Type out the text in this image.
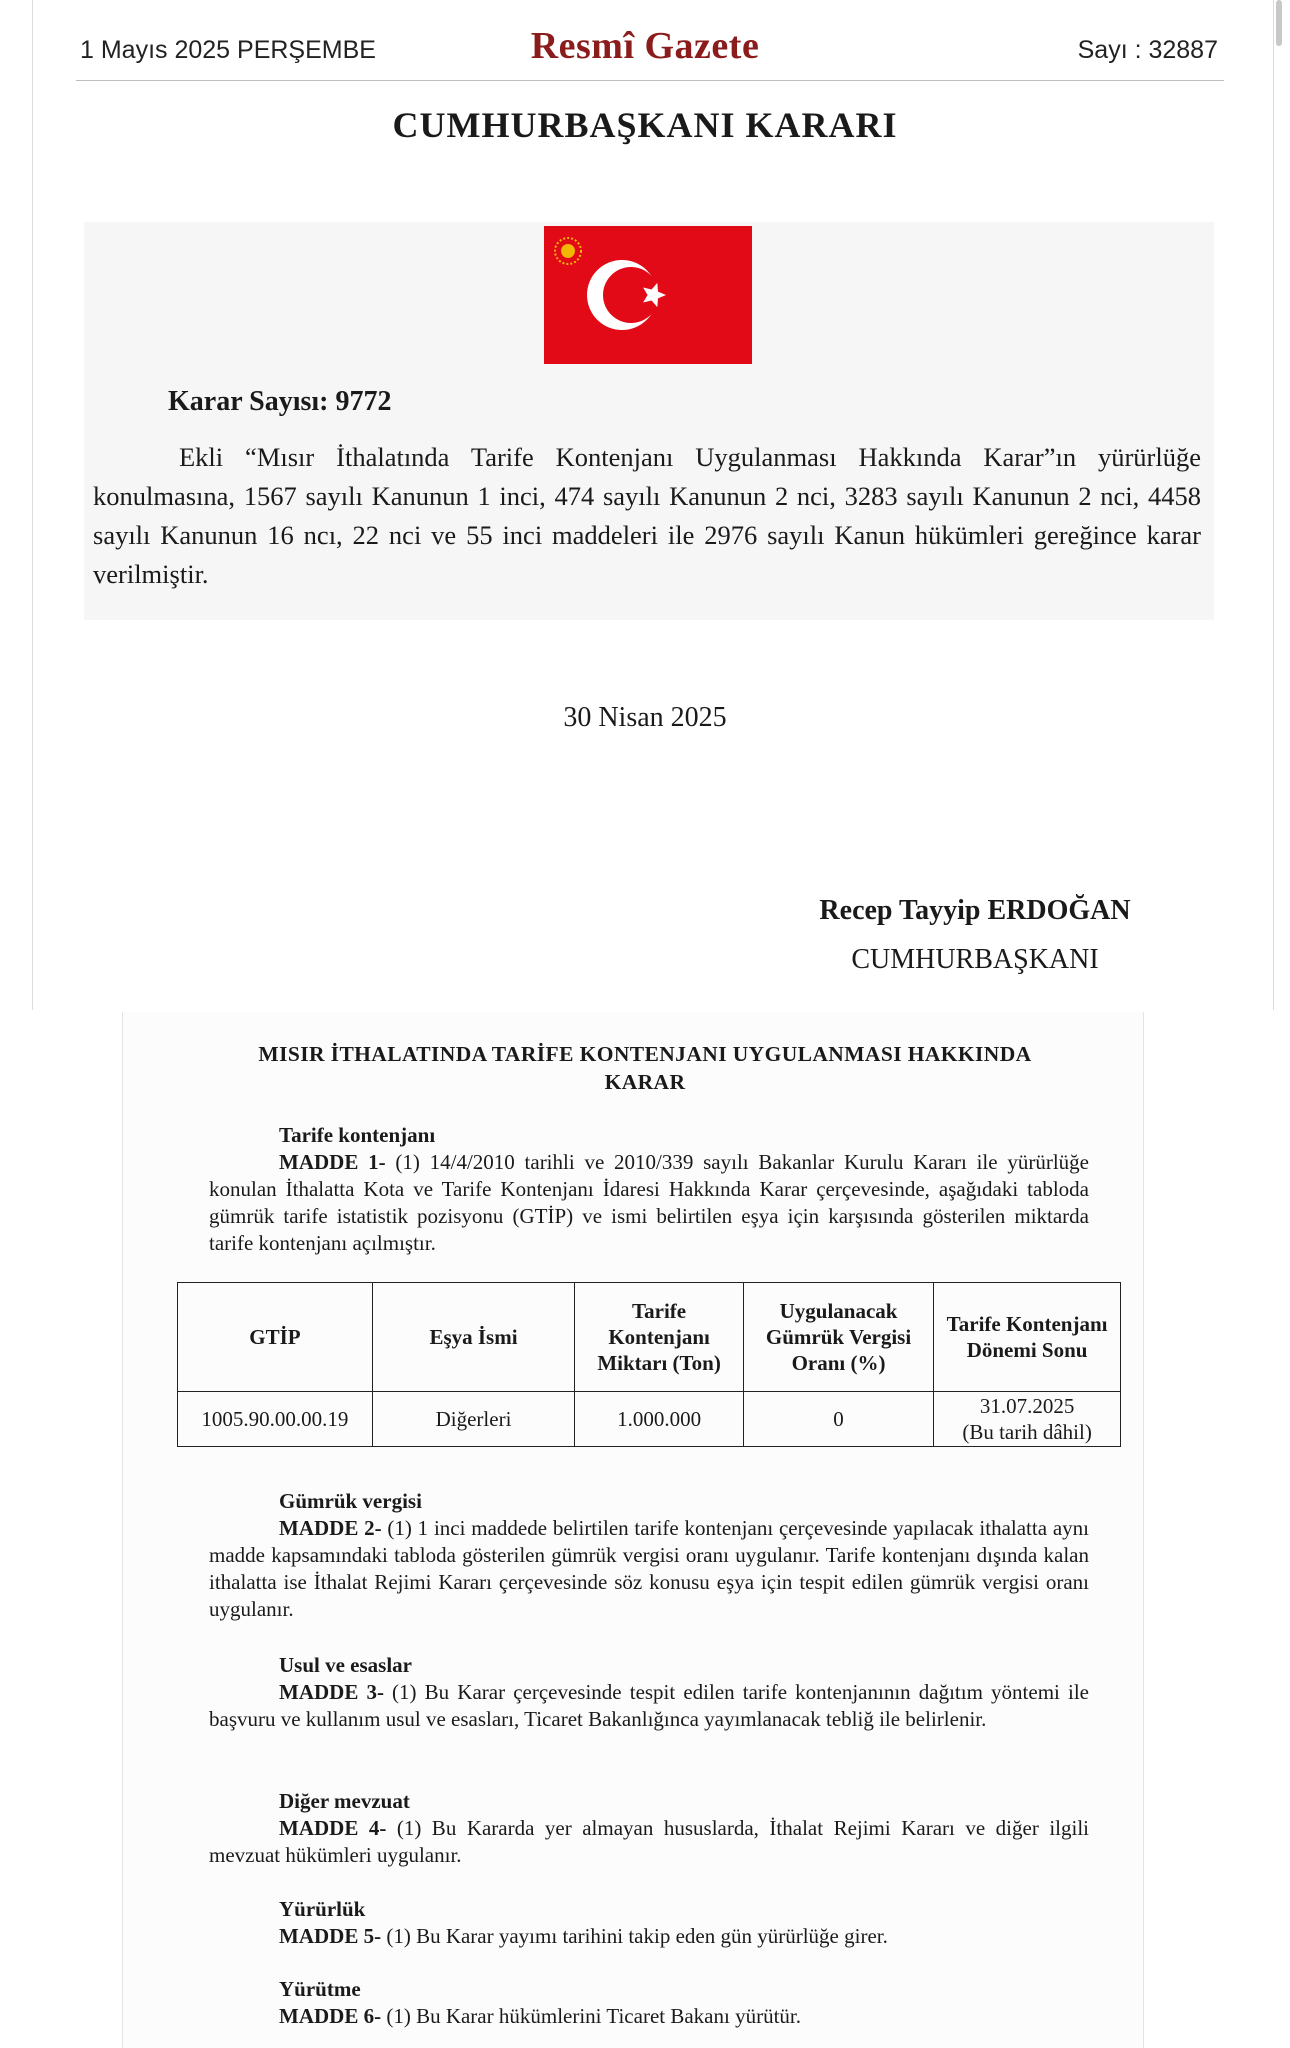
1 Mayıs 2025 PERŞEMBE	Resmî Gazete	Sayı : 32887
CUMHURBAŞKANI KARARI
Karar Sayısı: 9772
Ekli “Mısır İthalatında Tarife Kontenjanı Uygulanması Hakkında Karar”ın yürürlüğe konulmasına, 1567 sayılı Kanunun 1 inci, 474 sayılı Kanunun 2 nci, 3283 sayılı Kanunun 2 nci, 4458 sayılı Kanunun 16 ncı, 22 nci ve 55 inci maddeleri ile 2976 sayılı Kanun hükümleri gereğince karar verilmiştir.
30 Nisan 2025
Recep Tayyip ERDOĞAN
CUMHURBAŞKANI
MISIR İTHALATINDA TARİFE KONTENJANI UYGULANMASI HAKKINDA
KARAR
Tarife kontenjanı
MADDE 1- (1) 14/4/2010 tarihli ve 2010/339 sayılı Bakanlar Kurulu Kararı ile yürürlüğe konulan İthalatta Kota ve Tarife Kontenjanı İdaresi Hakkında Karar çerçevesinde, aşağıdaki tabloda gümrük tarife istatistik pozisyonu (GTİP) ve ismi belirtilen eşya için karşısında gösterilen miktarda tarife kontenjanı açılmıştır.
GTİP	Eşya İsmi	Tarife Kontenjanı Miktarı (Ton)	Uygulanacak Gümrük Vergisi Oranı (%)	Tarife Kontenjanı Dönemi Sonu
1005.90.00.00.19	Diğerleri	1.000.000	0	
31.07.2025
(Bu tarih dâhil)
Gümrük vergisi
MADDE 2- (1) 1 inci maddede belirtilen tarife kontenjanı çerçevesinde yapılacak ithalatta aynı madde kapsamındaki tabloda gösterilen gümrük vergisi oranı uygulanır. Tarife kontenjanı dışında kalan ithalatta ise İthalat Rejimi Kararı çerçevesinde söz konusu eşya için tespit edilen gümrük vergisi oranı uygulanır.
Usul ve esaslar
MADDE 3- (1) Bu Karar çerçevesinde tespit edilen tarife kontenjanının dağıtım yöntemi ile başvuru ve kullanım usul ve esasları, Ticaret Bakanlığınca yayımlanacak tebliğ ile belirlenir.
Diğer mevzuat
MADDE 4- (1) Bu Kararda yer almayan hususlarda, İthalat Rejimi Kararı ve diğer ilgili mevzuat hükümleri uygulanır.
Yürürlük
MADDE 5- (1) Bu Karar yayımı tarihini takip eden gün yürürlüğe girer.
Yürütme
MADDE 6- (1) Bu Karar hükümlerini Ticaret Bakanı yürütür.
